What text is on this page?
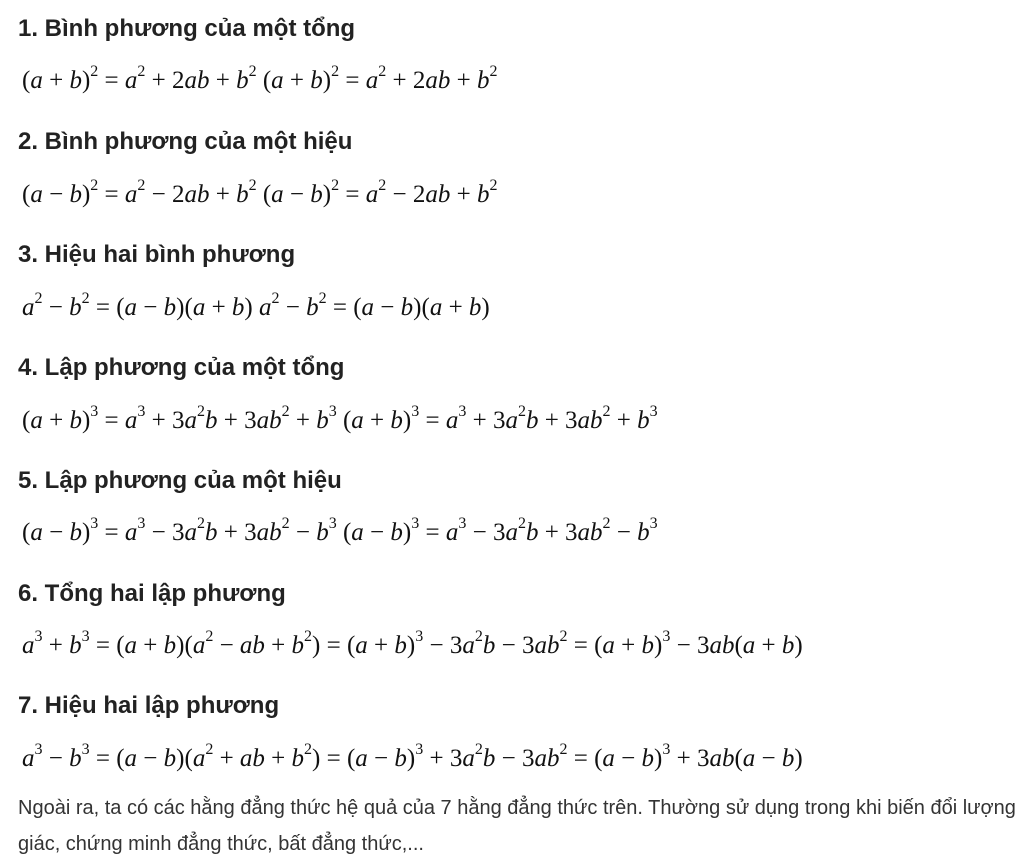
1. Bình phương của một tổng
$(a + b)^2 = a^2 + 2ab + b^2$ $(a + b)^2 = a^2 + 2ab + b^2$
2. Bình phương của một hiệu
$(a - b)^2 = a^2 - 2ab + b^2$ $(a - b)^2 = a^2 - 2ab + b^2$
3. Hiệu hai bình phương
$a^2 - b^2 = (a - b)(a + b) a^2 - b^2 = (a - b)(a + b)$
4. Lập phương của một tổng
$(a + b)^3 = a^3 + 3a^2b + 3ab^2 + b^3$ $(a + b)^3 = a^3 + 3a^2b + 3ab^2 + b^3$
5. Lập phương của một hiệu
$(a - b)^3 = a^3 - 3a^2b + 3ab^2 - b^3$ $(a - b)^3 = a^3 - 3a^2b + 3ab^2 - b^3$
6. Tổng hai lập phương
$a^3 + b^3 = (a + b)(a^2$ − ab + $b^2) = (a + b)^3 - 3a^2b - 3ab^2 = (a + b)^3 - 3ab(a + b)$
7. Hiệu hai lập phương
$a^3 - b^3 = (a - b)(a^2$ + ab + $b^2) = (a - b)^3 + 3a^2b - 3ab^2 = (a - b)^3 + 3ab(a - b)$
Ngoài ra, ta có các hằng đẳng thức hệ quả của 7 hằng đẳng thức trên. Thường sử dụng trong khi biến đổi lượng giác, chứng minh đẳng thức, bất đẳng thức,...
